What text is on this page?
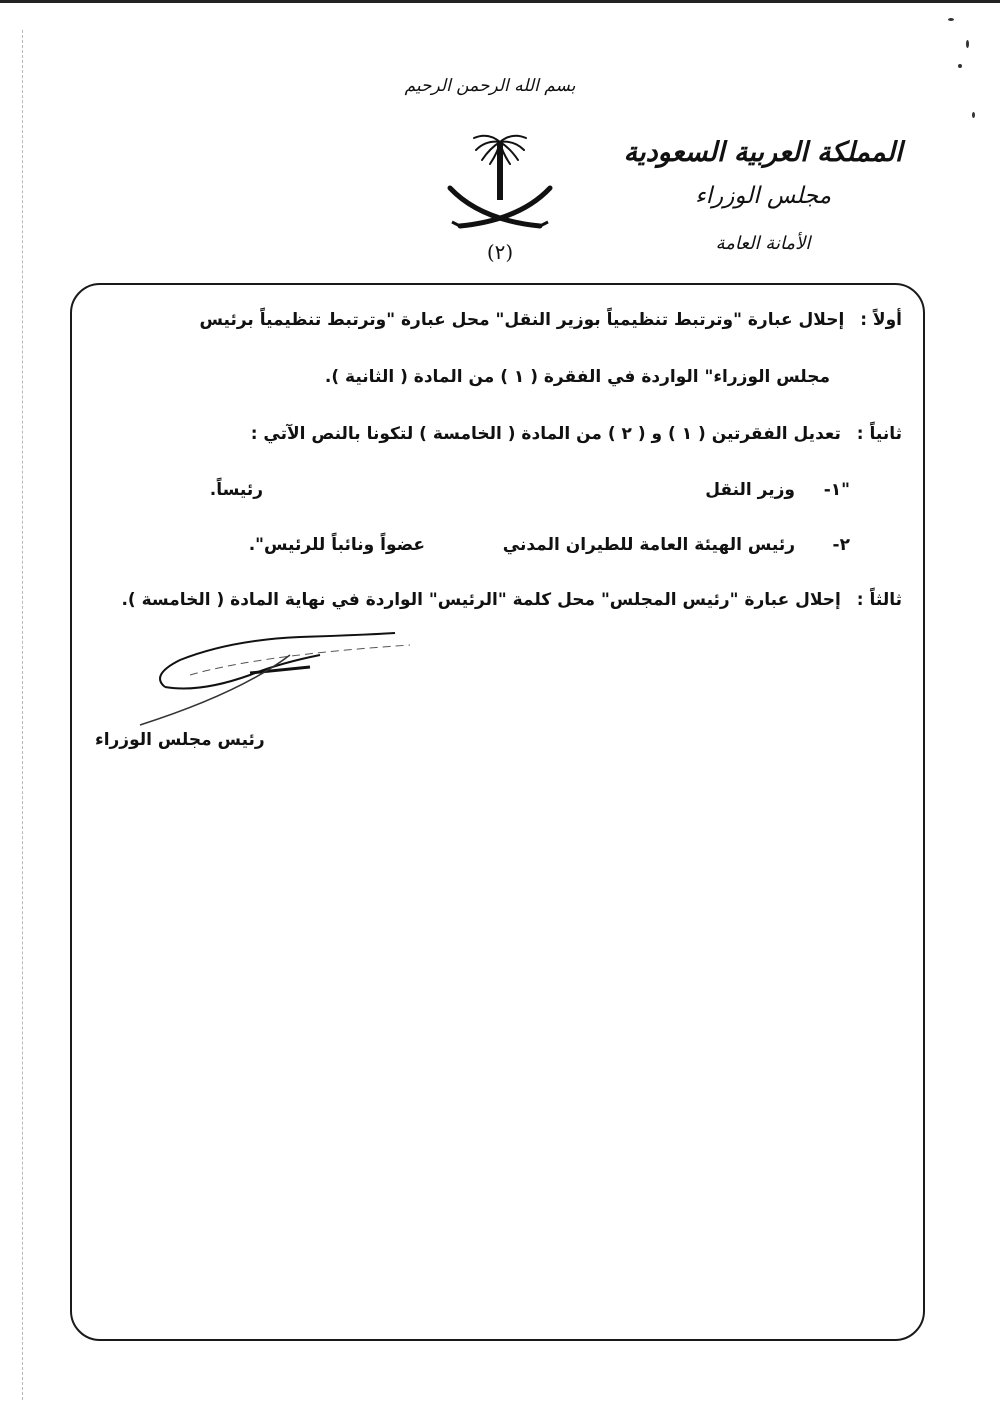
بسم الله الرحمن الرحيم
المملكة العربية السعودية
مجلس الوزراء
الأمانة العامة
(٢)
أولاً : إحلال عبارة "وترتبط تنظيمياً بوزير النقل" محل عبارة "وترتبط تنظيمياً برئيس
مجلس الوزراء" الواردة في الفقرة ( ١ ) من المادة ( الثانية ).
ثانياً : تعديل الفقرتين ( ١ ) و ( ٢ ) من المادة ( الخامسة ) لتكونا بالنص الآتي :
"١-
وزير النقل
رئيساً.
٢-
رئيس الهيئة العامة للطيران المدني
عضواً ونائباً للرئيس".
ثالثاً : إحلال عبارة "رئيس المجلس" محل كلمة "الرئيس" الواردة في نهاية المادة ( الخامسة ).
رئيس مجلس الوزراء
